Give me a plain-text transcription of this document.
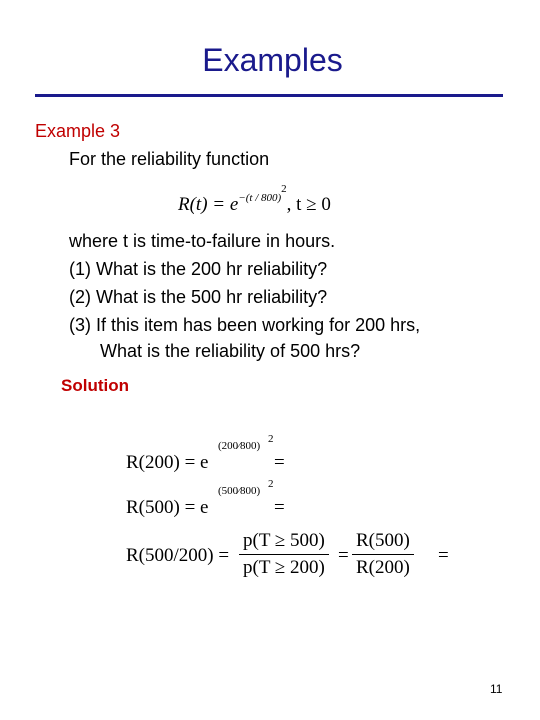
Examples
Example 3
For the reliability function
$R(t) = e^{-(t / 800)^2}$, t ≥ 0
where t is time-to-failure in hours.
(1) What is the 200 hr reliability?
(2) What is the 500 hr reliability?
(3) If this item has been working for 200 hrs,
What is the reliability of 500 hrs?
Solution
R(200) = e
(200⁄800)
2
=
R(500) = e
(500⁄800)
2
=
$R(500/200) = \frac{p(T \ge 500)}{p(T \ge 200)} = \frac{R(500)}{R(200)}$ =
11
